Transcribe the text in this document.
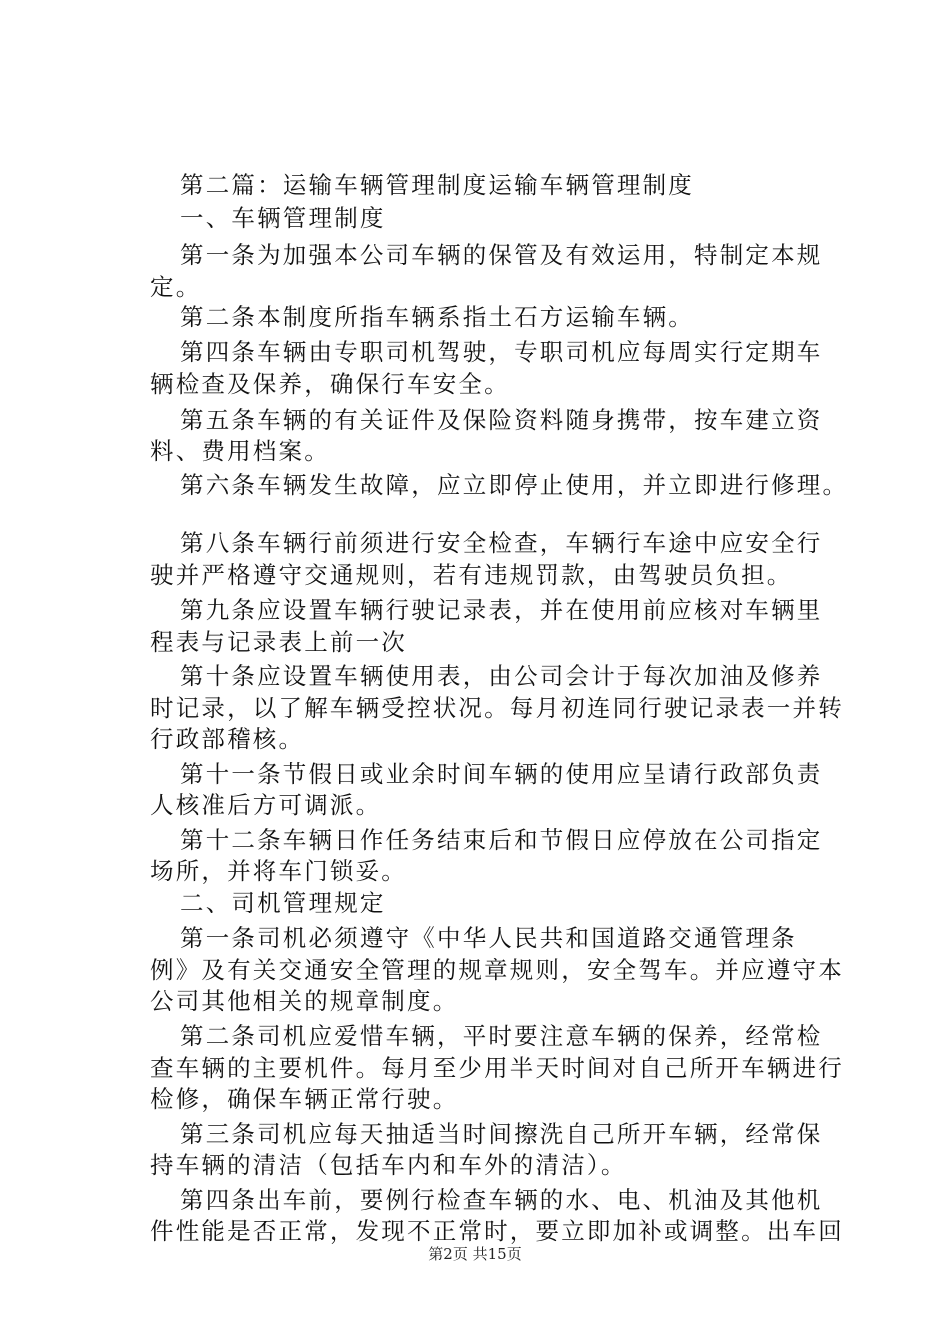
第二篇：运输车辆管理制度运输车辆管理制度
一、车辆管理制度
第一条为加强本公司车辆的保管及有效运用，特制定本规
定。
第二条本制度所指车辆系指土石方运输车辆。
第四条车辆由专职司机驾驶，专职司机应每周实行定期车
辆检查及保养，确保行车安全。
第五条车辆的有关证件及保险资料随身携带，按车建立资
料、费用档案。
第六条车辆发生故障，应立即停止使用，并立即进行修理。
第八条车辆行前须进行安全检查，车辆行车途中应安全行
驶并严格遵守交通规则，若有违规罚款，由驾驶员负担。
第九条应设置车辆行驶记录表，并在使用前应核对车辆里
程表与记录表上前一次
第十条应设置车辆使用表，由公司会计于每次加油及修养
时记录，以了解车辆受控状况。每月初连同行驶记录表一并转
行政部稽核。
第十一条节假日或业余时间车辆的使用应呈请行政部负责
人核准后方可调派。
第十二条车辆日作任务结束后和节假日应停放在公司指定
场所，并将车门锁妥。
二、司机管理规定
第一条司机必须遵守《中华人民共和国道路交通管理条
例》及有关交通安全管理的规章规则，安全驾车。并应遵守本
公司其他相关的规章制度。
第二条司机应爱惜车辆，平时要注意车辆的保养，经常检
查车辆的主要机件。每月至少用半天时间对自己所开车辆进行
检修，确保车辆正常行驶。
第三条司机应每天抽适当时间擦洗自己所开车辆，经常保
持车辆的清洁（包括车内和车外的清洁）。
第四条出车前，要例行检查车辆的水、电、机油及其他机
件性能是否正常，发现不正常时，要立即加补或调整。出车回
第2页 共15页
